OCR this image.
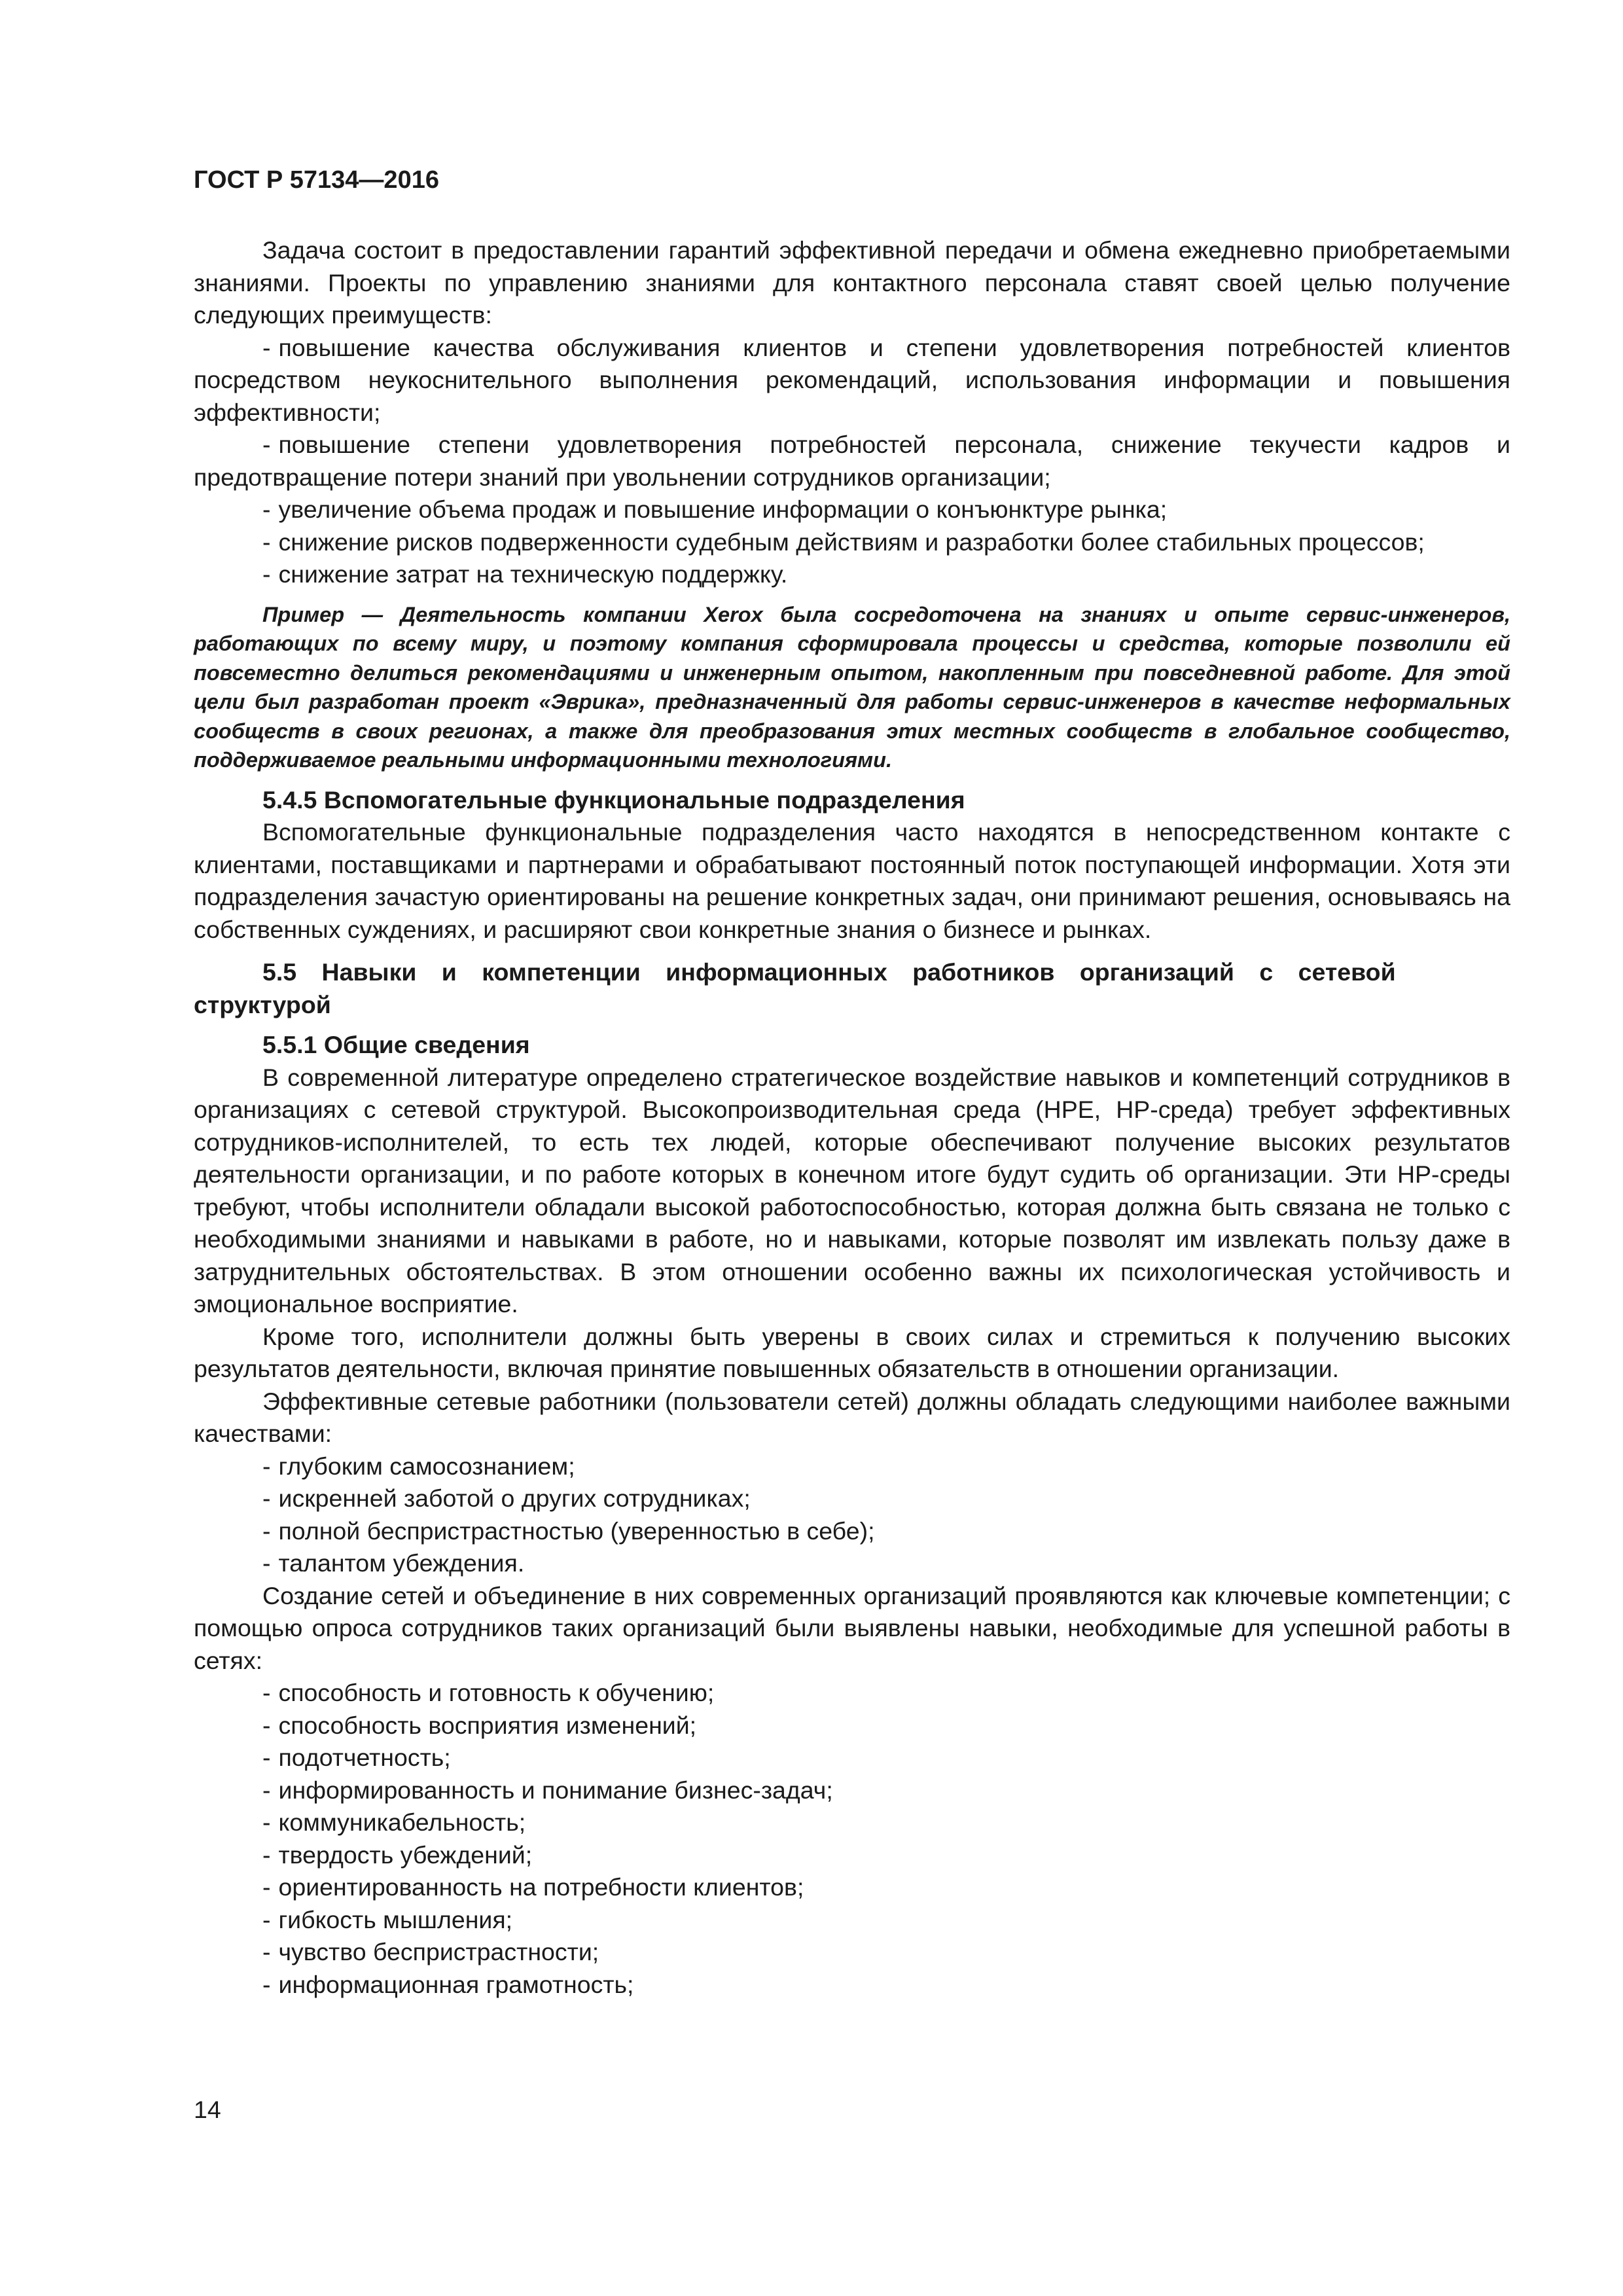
ГОСТ Р 57134—2016

Задача состоит в предоставлении гарантий эффективной передачи и обмена ежедневно приобретаемыми знаниями. Проекты по управлению знаниями для контактного персонала ставят своей целью получение следующих преимуществ:

- повышение качества обслуживания клиентов и степени удовлетворения потребностей клиентов посредством неукоснительного выполнения рекомендаций, использования информации и повышения эффективности;

- повышение степени удовлетворения потребностей персонала, снижение текучести кадров и предотвращение потери знаний при увольнении сотрудников организации;

- увеличение объема продаж и повышение информации о конъюнктуре рынка;

- снижение рисков подверженности судебным действиям и разработки более стабильных процессов;

- снижение затрат на техническую поддержку.

Пример — Деятельность компании Xerox была сосредоточена на знаниях и опыте сервис-инженеров, работающих по всему миру, и поэтому компания сформировала процессы и средства, которые позволили ей повсеместно делиться рекомендациями и инженерным опытом, накопленным при повседневной работе. Для этой цели был разработан проект «Эврика», предназначенный для работы сервис-инженеров в качестве неформальных сообществ в своих регионах, а также для преобразования этих местных сообществ в глобальное сообщество, поддерживаемое реальными информационными технологиями.

5.4.5 Вспомогательные функциональные подразделения

Вспомогательные функциональные подразделения часто находятся в непосредственном контакте с клиентами, поставщиками и партнерами и обрабатывают постоянный поток поступающей информации. Хотя эти подразделения зачастую ориентированы на решение конкретных задач, они принимают решения, основываясь на собственных суждениях, и расширяют свои конкретные знания о бизнесе и рынках.

5.5 Навыки и компетенции информационных работников организаций с сетевой
структурой
5.5.1 Общие сведения

В современной литературе определено стратегическое воздействие навыков и компетенций сотрудников в организациях с сетевой структурой. Высокопроизводительная среда (HPE, HP-среда) требует эффективных сотрудников-исполнителей, то есть тех людей, которые обеспечивают получение высоких результатов деятельности организации, и по работе которых в конечном итоге будут судить об организации. Эти HP-среды требуют, чтобы исполнители обладали высокой работоспособностью, которая должна быть связана не только с необходимыми знаниями и навыками в работе, но и навыками, которые позволят им извлекать пользу даже в затруднительных обстоятельствах. В этом отношении особенно важны их психологическая устойчивость и эмоциональное восприятие.

Кроме того, исполнители должны быть уверены в своих силах и стремиться к получению высоких результатов деятельности, включая принятие повышенных обязательств в отношении организации.

Эффективные сетевые работники (пользователи сетей) должны обладать следующими наиболее важными качествами:

- глубоким самосознанием;

- искренней заботой о других сотрудниках;

- полной беспристрастностью (уверенностью в себе);

- талантом убеждения.

Создание сетей и объединение в них современных организаций проявляются как ключевые компетенции; с помощью опроса сотрудников таких организаций были выявлены навыки, необходимые для успешной работы в сетях:

- способность и готовность к обучению;

- способность восприятия изменений;

- подотчетность;

- информированность и понимание бизнес-задач;

- коммуникабельность;

- твердость убеждений;

- ориентированность на потребности клиентов;

- гибкость мышления;

- чувство беспристрастности;

- информационная грамотность;

14
